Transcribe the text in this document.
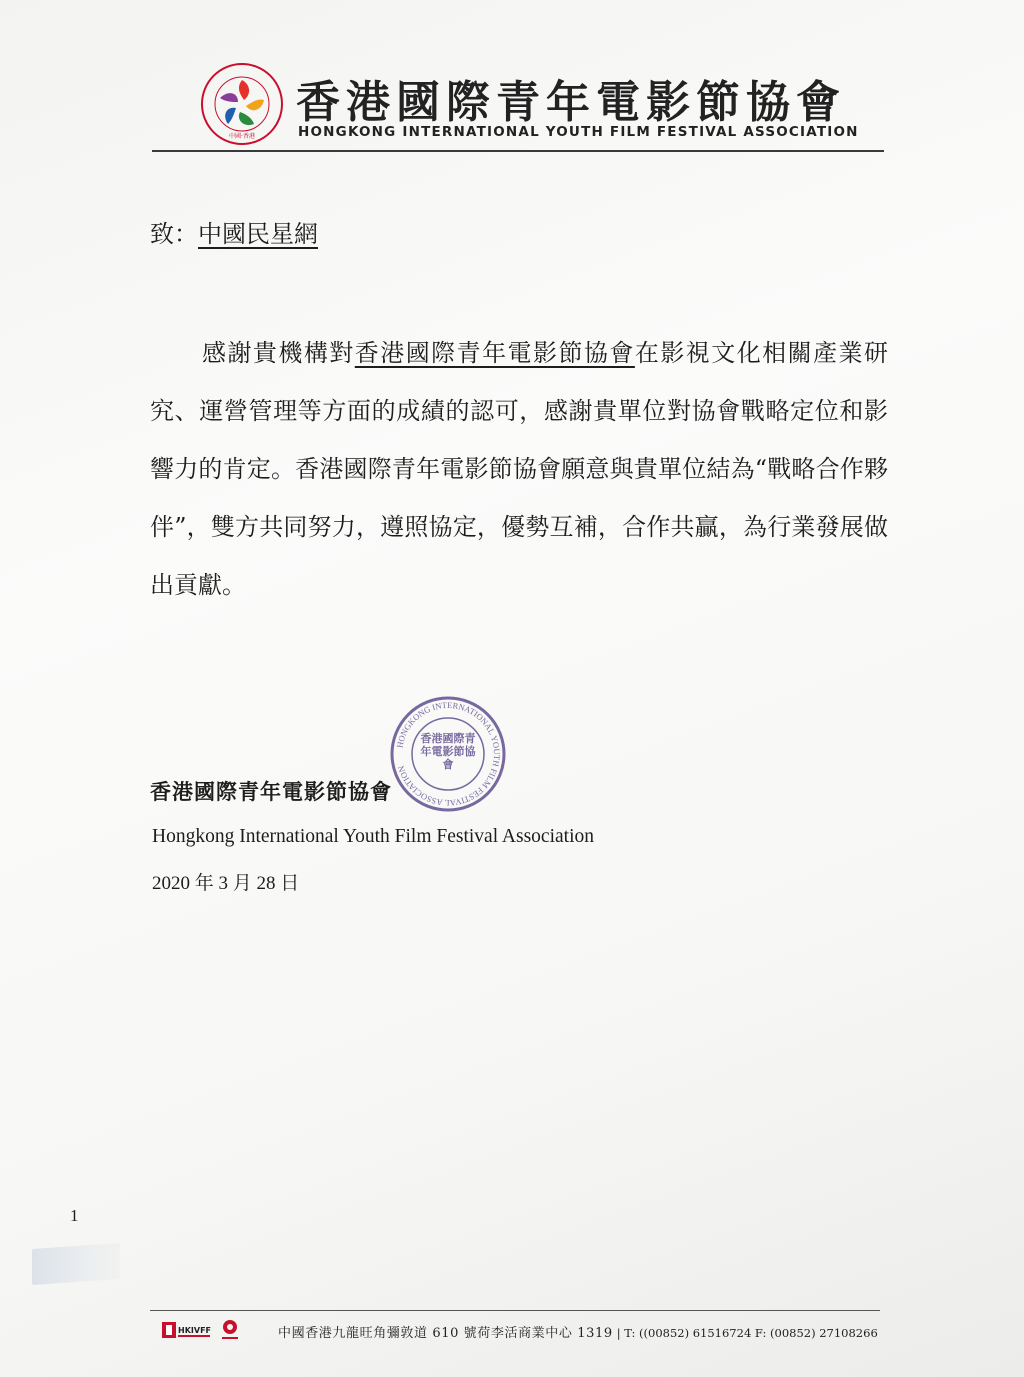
中國·香港
香港國際青年電影節協會
HONGKONG INTERNATIONAL YOUTH FILM FESTIVAL ASSOCIATION
致：中國民星網
感謝貴機構對香港國際青年電影節協會在影視文化相關產業研究、運營管理等方面的成績的認可，感謝貴單位對協會戰略定位和影響力的肯定。香港國際青年電影節協會願意與貴單位結為“戰略合作夥伴”，雙方共同努力，遵照協定，優勢互補，合作共贏，為行業發展做出貢獻。
HONGKONG INTERNATIONAL YOUTH FILM FESTIVAL ASSOCIATION
香港國際青年電影節協會
香港國際青年電影節協會
Hongkong International Youth Film Festival Association
2020 年 3 月 28 日
1
HKIVFF	中國香港九龍旺角彌敦道 610 號荷李活商業中心 1319 | T: ((00852) 61516724 F: (00852) 27108266
